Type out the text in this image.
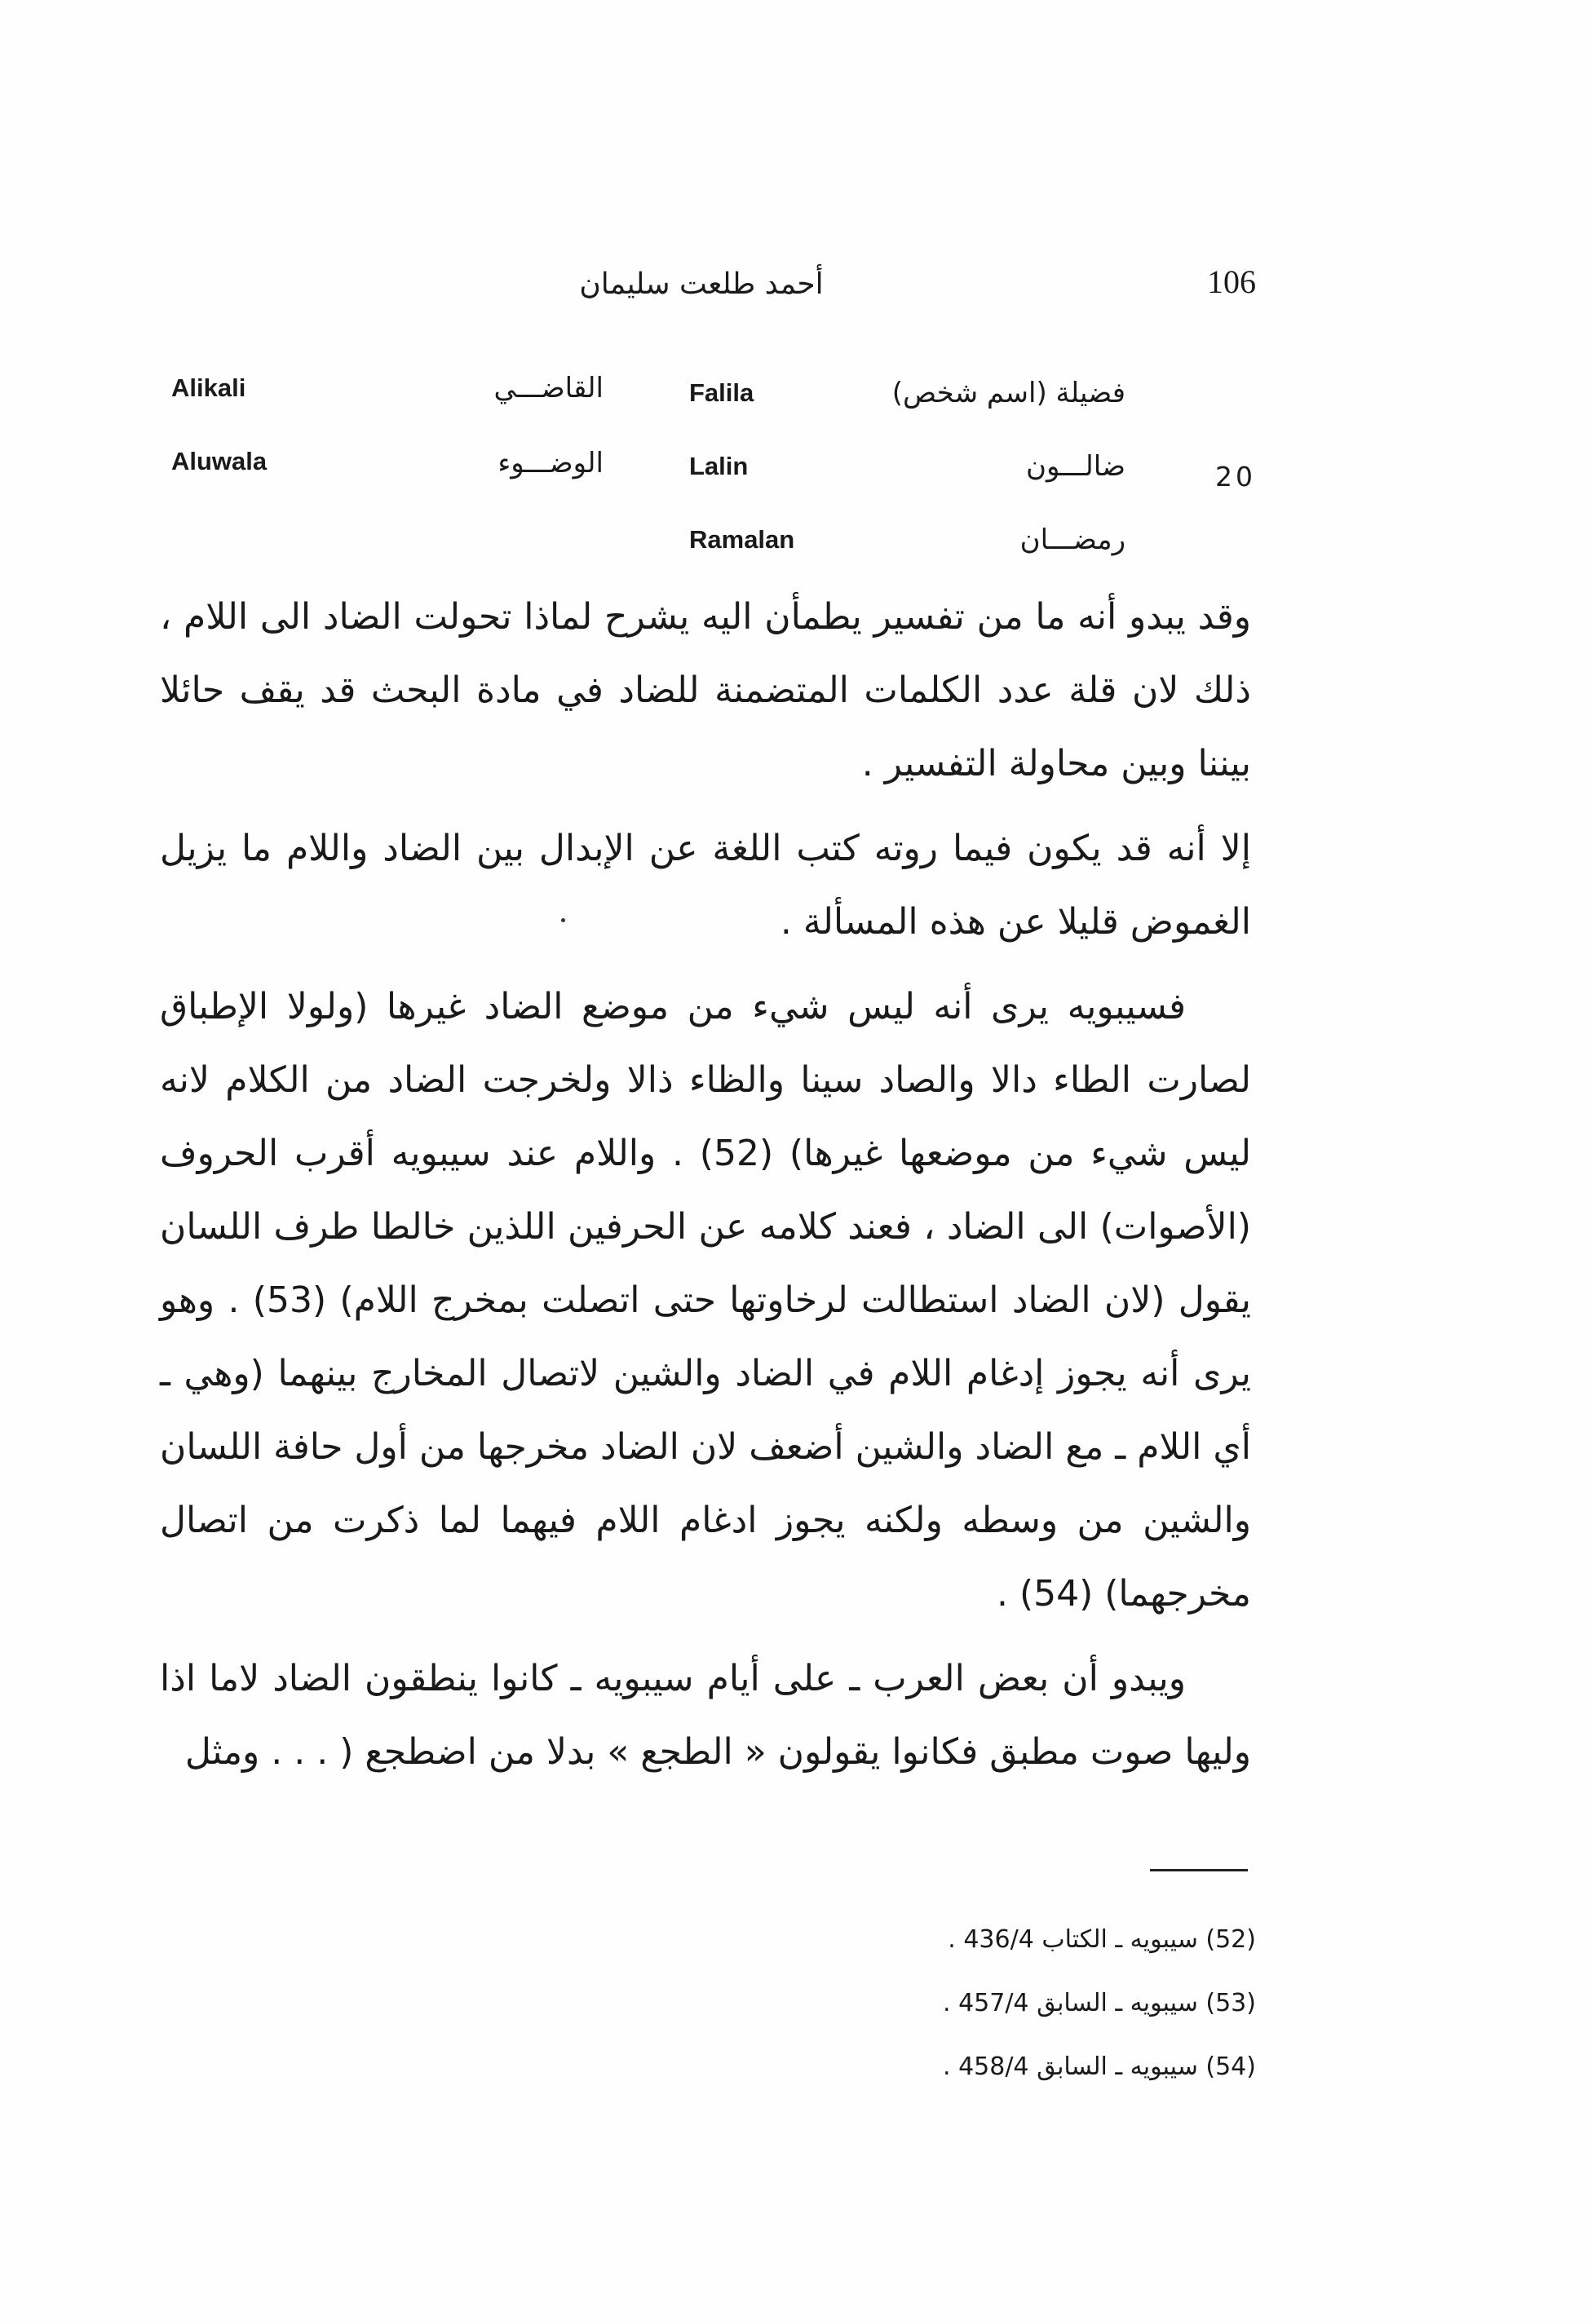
106
أحمد طلعت سليمان
فضيلة (اسم شخص)
Falila
القاضـــي
Alikali
20
ضالـــون
Lalin
الوضـــوء
Aluwala
رمضـــان
Ramalan

وقد يبدو أنه ما من تفسير يطمأن اليه يشرح لماذا تحولت الضاد الى اللام ، ذلك لان قلة عدد الكلمات المتضمنة للضاد في مادة البحث قد يقف حائلا بيننا وبين محاولة التفسير .

إلا أنه قد يكون فيما روته كتب اللغة عن الإبدال بين الضاد واللام ما يزيل الغموض قليلا عن هذه المسألة .

فسيبويه يرى أنه ليس شيء من موضع الضاد غيرها (ولولا الإطباق لصارت الطاء دالا والصاد سينا والظاء ذالا ولخرجت الضاد من الكلام لانه ليس شيء من موضعها غيرها) (52) . واللام عند سيبويه أقرب الحروف (الأصوات) الى الضاد ، فعند كلامه عن الحرفين اللذين خالطا طرف اللسان يقول (لان الضاد استطالت لرخاوتها حتى اتصلت بمخرج اللام) (53) . وهو يرى أنه يجوز إدغام اللام في الضاد والشين لاتصال المخارج بينهما (وهي ـ أي اللام ـ مع الضاد والشين أضعف لان الضاد مخرجها من أول حافة اللسان والشين من وسطه ولكنه يجوز ادغام اللام فيهما لما ذكرت من اتصال مخرجهما) (54) .

ويبدو أن بعض العرب ـ على أيام سيبويه ـ كانوا ينطقون الضاد لاما اذا وليها صوت مطبق فكانوا يقولون « الطجع » بدلا من اضطجع ( . . . ومثل

(52) سيبويه ـ الكتاب 436/4 .
(53) سيبويه ـ السابق 457/4 .
(54) سيبويه ـ السابق 458/4 .
